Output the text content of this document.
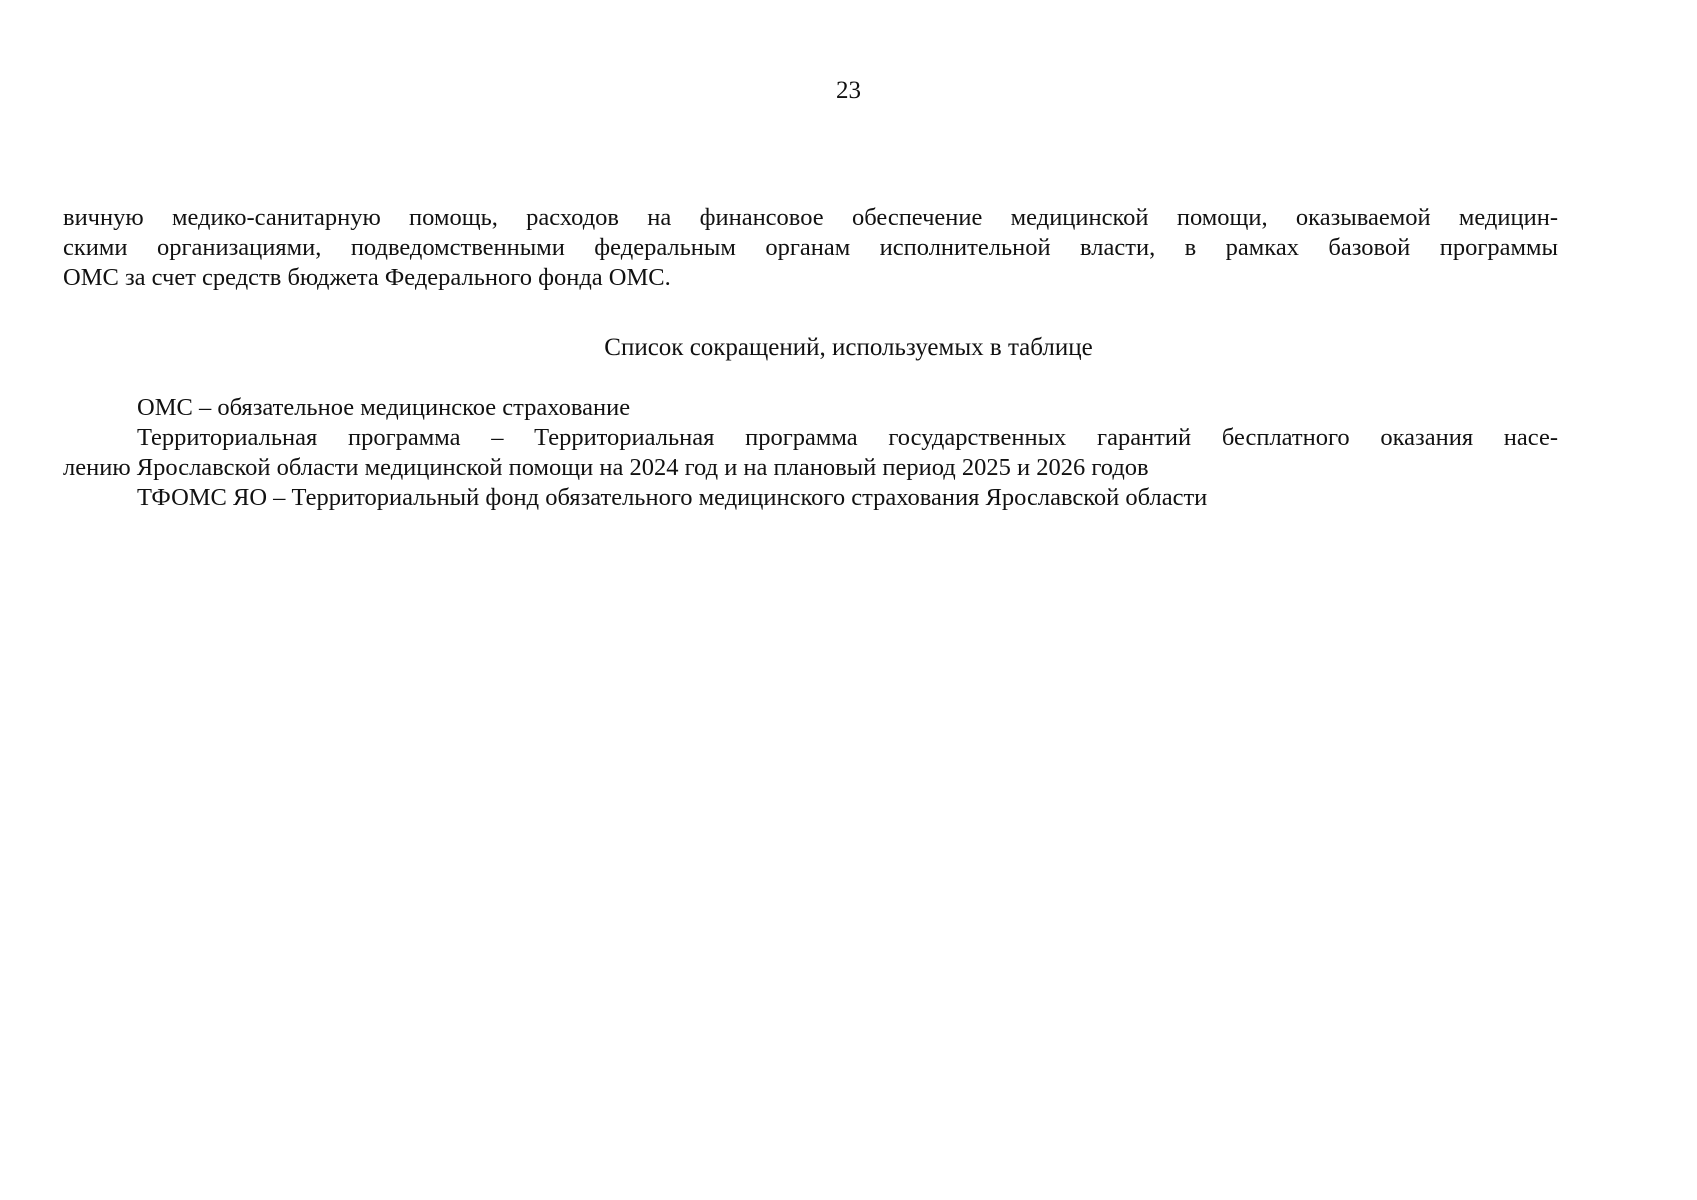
23
вичную медико-санитарную помощь, расходов на финансовое обеспечение медицинской помощи, оказываемой медицин-
скими организациями, подведомственными федеральным органам исполнительной власти, в рамках базовой программы
ОМС за счет средств бюджета Федерального фонда ОМС.
Список сокращений, используемых в таблице
ОМС – обязательное медицинское страхование
Территориальная программа – Территориальная программа государственных гарантий бесплатного оказания насе-
лению Ярославской области медицинской помощи на 2024 год и на плановый период 2025 и 2026 годов
ТФОМС ЯО – Территориальный фонд обязательного медицинского страхования Ярославской области
